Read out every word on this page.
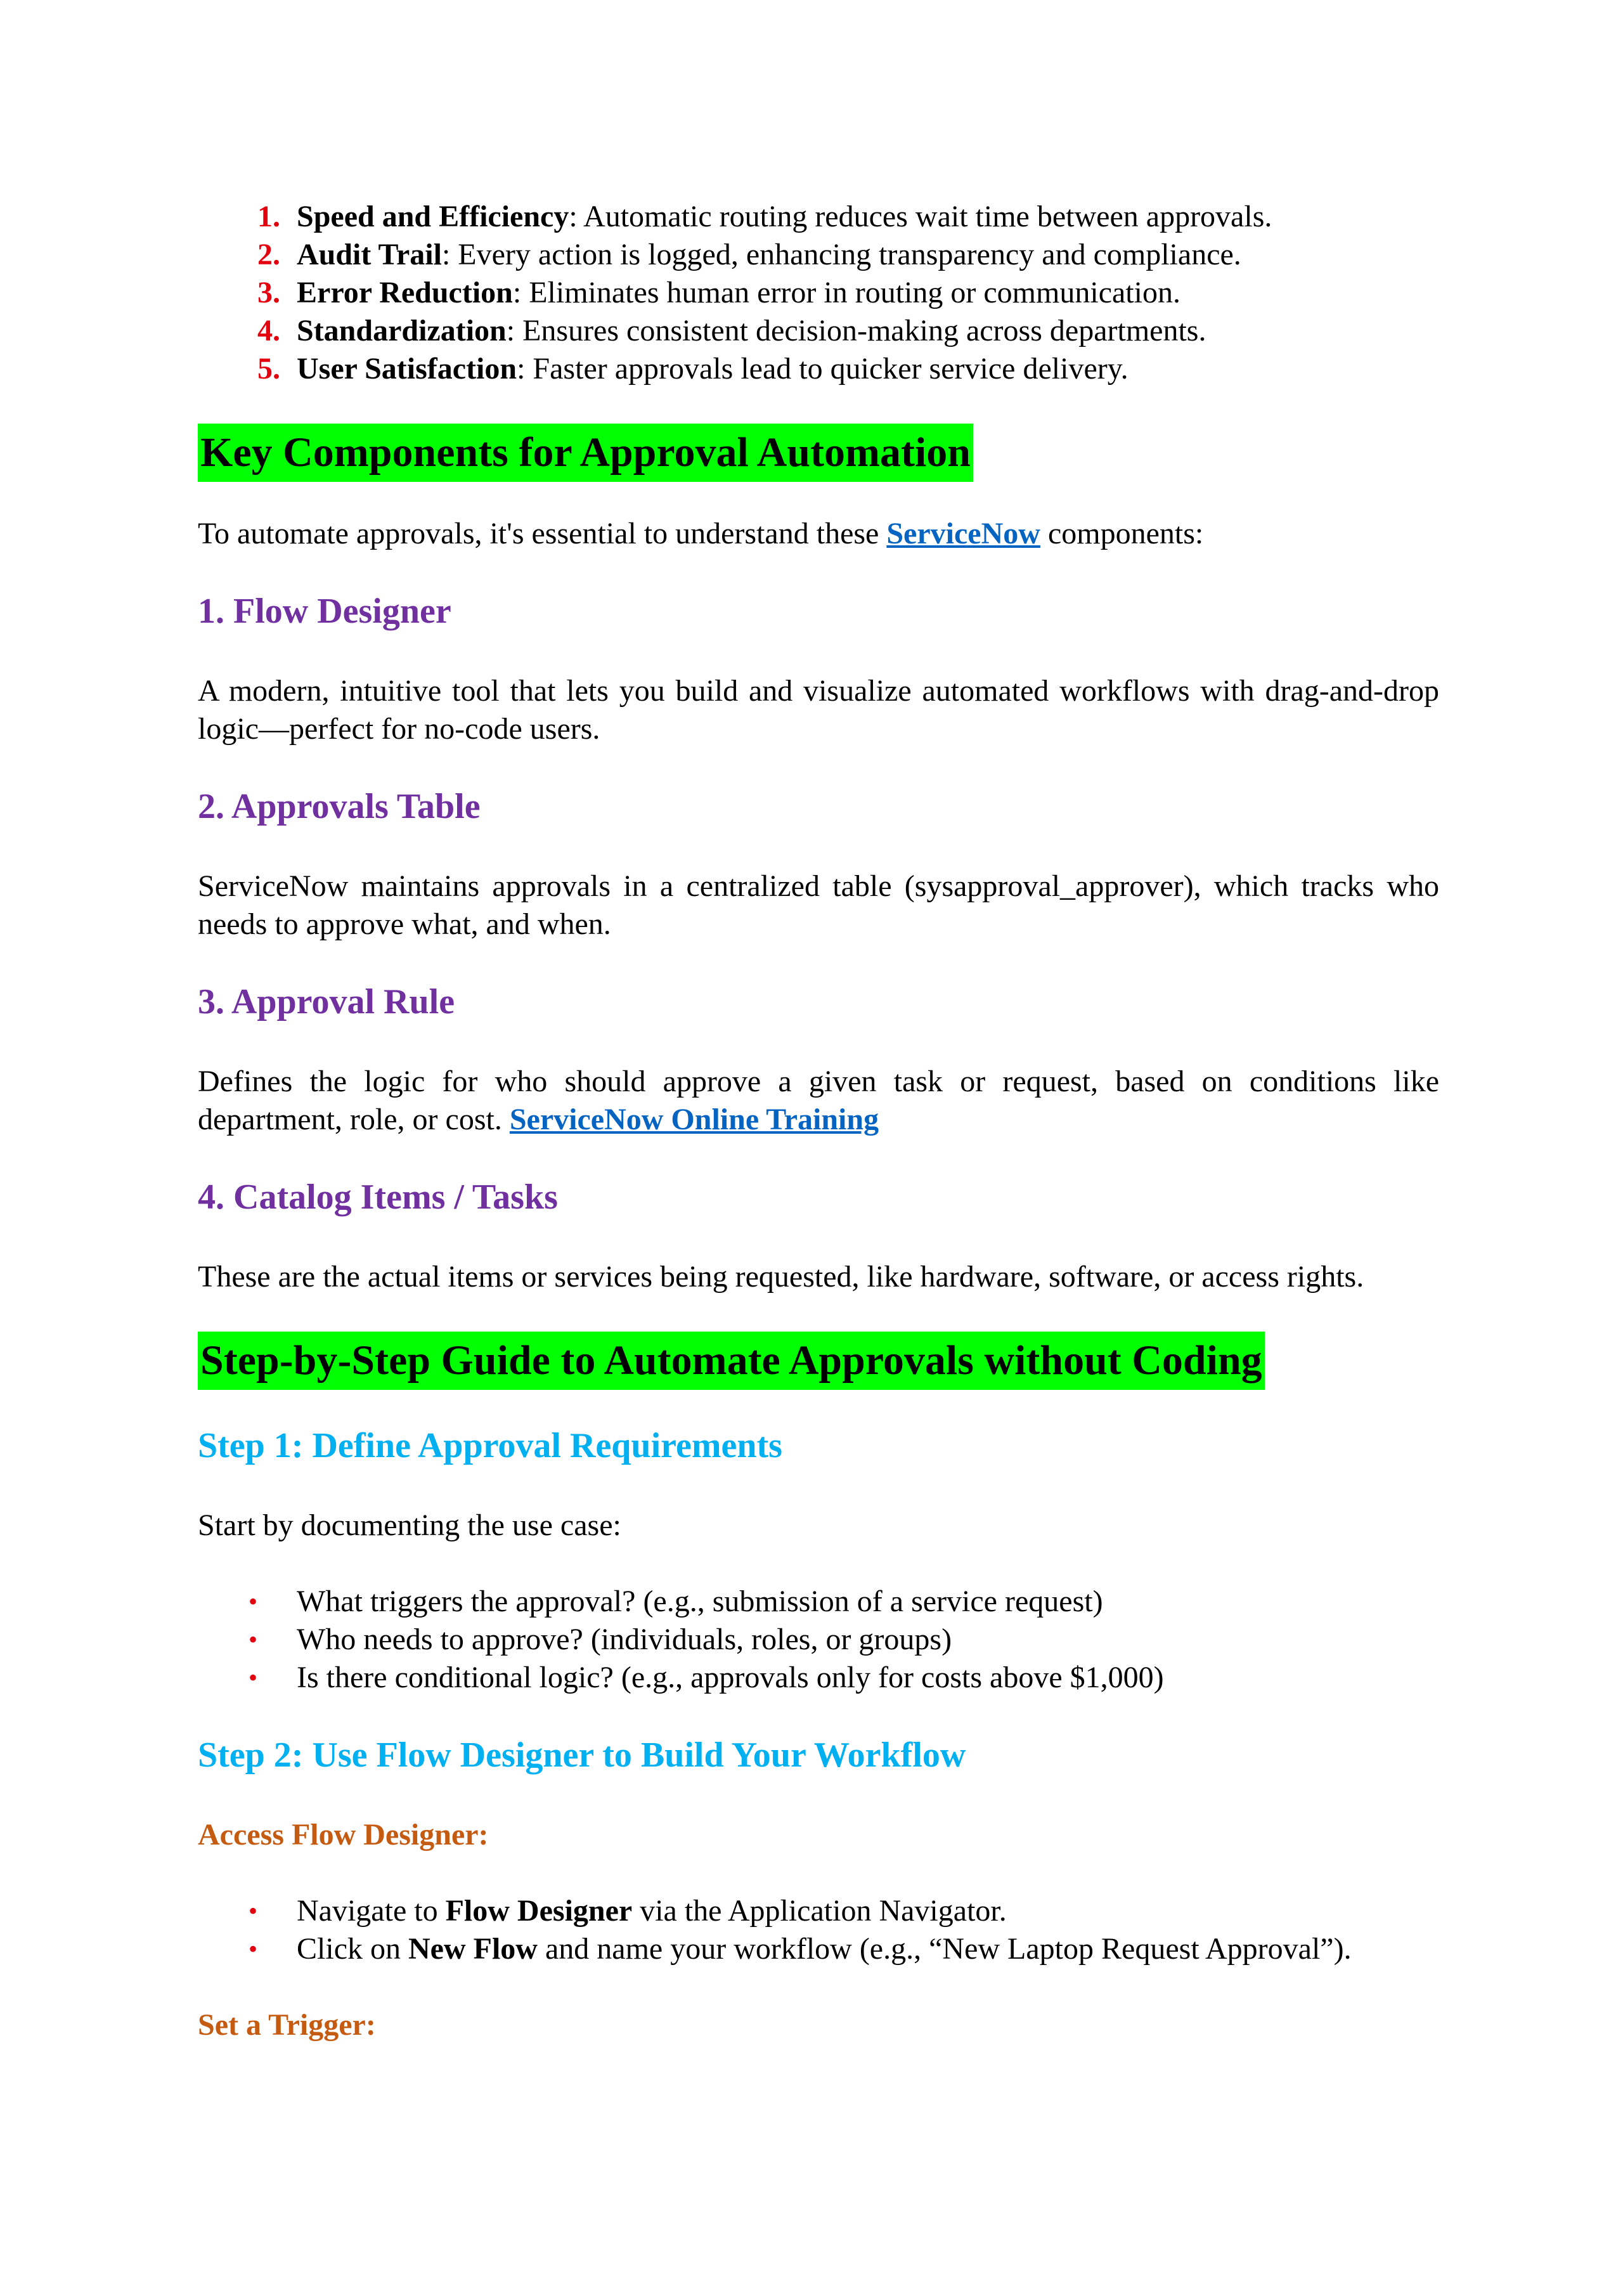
1. Speed and Efficiency: Automatic routing reduces wait time between approvals.
2. Audit Trail: Every action is logged, enhancing transparency and compliance.
3. Error Reduction: Eliminates human error in routing or communication.
4. Standardization: Ensures consistent decision-making across departments.
5. User Satisfaction: Faster approvals lead to quicker service delivery.
Key Components for Approval Automation
To automate approvals, it's essential to understand these ServiceNow components:
1. Flow Designer
A modern, intuitive tool that lets you build and visualize automated workflows with drag-and-drop logic—perfect for no-code users.
2. Approvals Table
ServiceNow maintains approvals in a centralized table (sysapproval_approver), which tracks who needs to approve what, and when.
3. Approval Rule
Defines the logic for who should approve a given task or request, based on conditions like department, role, or cost. ServiceNow Online Training
4. Catalog Items / Tasks
These are the actual items or services being requested, like hardware, software, or access rights.
Step-by-Step Guide to Automate Approvals without Coding
Step 1: Define Approval Requirements
Start by documenting the use case:
• What triggers the approval? (e.g., submission of a service request)
• Who needs to approve? (individuals, roles, or groups)
• Is there conditional logic? (e.g., approvals only for costs above $1,000)
Step 2: Use Flow Designer to Build Your Workflow
Access Flow Designer:
• Navigate to Flow Designer via the Application Navigator.
• Click on New Flow and name your workflow (e.g., “New Laptop Request Approval”).
Set a Trigger:
